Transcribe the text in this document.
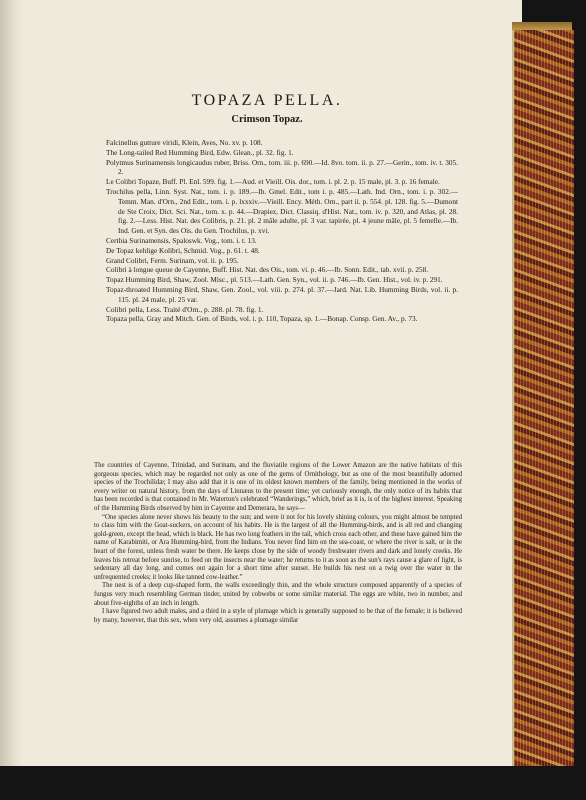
TOPAZA PELLA.
Crimson Topaz.
Falcinellus gutture viridi, Klein, Aves, No. xv. p. 108.
The Long-tailed Red Humming Bird, Edw. Glean., pl. 32. fig. 1.
Polytmus Surinamensis longicaudus ruber, Briss. Orn., tom. iii. p. 690.—Id. 8vo. tom. ii. p. 27.—Gerin., tom. iv. t. 305. 2.
Le Colibri Topaze, Buff. Pl. Enl. 599. fig. 1.—Aud. et Vieill. Ois. dor., tom. i. pl. 2. p. 15 male, pl. 3. p. 16 female.
Trochilus pella, Linn. Syst. Nat., tom. i. p. 189.—Ib. Gmel. Edit., tom i. p. 485.—Lath. Ind. Orn., tom. i. p. 302.—Temm. Man. d'Orn., 2nd Edit., tom. i. p. lxxxiv.—Vieill. Ency. Méth. Orn., part ii. p. 554. pl. 128. fig. 5.—Dumont de Ste Croix, Dict. Sci. Nat., tom. x. p. 44.—Drapiez, Dict. Classiq. d'Hist. Nat., tom. iv. p. 320, and Atlas, pl. 28. fig. 2.—Less. Hist. Nat. des Colibris, p. 21. pl. 2 mâle adulte, pl. 3 var. tapirée, pl. 4 jeune mâle, pl. 5 femelle.—Ib. Ind. Gen. et Syn. des Ois. du Gen. Trochilus, p. xvi.
Certhia Surinamensis, Spaloswk. Vog., tom. i. t. 13.
De Topaz kehlige Kolibri, Schmid. Vog., p. 61. t. 48.
Grand Colibri, Ferm. Surinam, vol. ii. p. 195.
Colibri à longue queue de Cayenne, Buff. Hist. Nat. des Ois., tom. vi. p. 46.—Ib. Sonn. Edit., tab. xvii. p. 258.
Topaz Humming Bird, Shaw, Zool. Misc., pl. 513.—Lath. Gen. Syn., vol. ii. p. 746.—Ib. Gen. Hist., vol. iv. p. 291.
Topaz-throated Humming Bird, Shaw, Gen. Zool., vol. viii. p. 274. pl. 37.—Jard. Nat. Lib. Humming Birds, vol. ii. p. 115. pl. 24 male, pl. 25 var.
Colibri pella, Less. Traité d'Orn., p. 288. pl. 78. fig. 1.
Topaza pella, Gray and Mitch. Gen. of Birds, vol. i. p. 110, Topaza, sp. 1.—Bonap. Consp. Gen. Av., p. 73.

The countries of Cayenne, Trinidad, and Surinam, and the fluviatile regions of the Lower Amazon are the native habitats of this gorgeous species, which may be regarded not only as one of the gems of Ornithology, but as one of the most beautifully adorned species of the Trochilidæ; I may also add that it is one of its oldest known members of the family, being mentioned in the works of every writer on natural history, from the days of Linnæus to the present time; yet curiously enough, the only notice of its habits that has been recorded is that contained in Mr. Waterton's celebrated “Wanderings,” which, brief as it is, is of the highest interest. Speaking of the Humming Birds observed by him in Cayenne and Demerara, he says—

“One species alone never shows his beauty to the sun; and were it not for his lovely shining colours, you might almost be tempted to class him with the Goat-suckers, on account of his habits. He is the largest of all the Humming-birds, and is all red and changing gold-green, except the head, which is black. He has two long feathers in the tail, which cross each other, and these have gained him the name of Karabimiti, or Ara Humming-bird, from the Indians. You never find him on the sea-coast, or where the river is salt, or in the heart of the forest, unless fresh water be there. He keeps close by the side of woody freshwater rivers and dark and lonely creeks. He leaves his retreat before sunrise, to feed on the insects near the water; he returns to it as soon as the sun's rays cause a glare of light, is sedentary all day long, and comes out again for a short time after sunset. He builds his nest on a twig over the water in the unfrequented creeks; it looks like tanned cow-leather.”

The nest is of a deep cup-shaped form, the walls exceedingly thin, and the whole structure composed apparently of a species of fungus very much resembling German tinder, united by cobwebs or some similar material. The eggs are white, two in number, and about five-eighths of an inch in length.

I have figured two adult males, and a third in a style of plumage which is generally supposed to be that of the female; it is believed by many, however, that this sex, when very old, assumes a plumage similar
